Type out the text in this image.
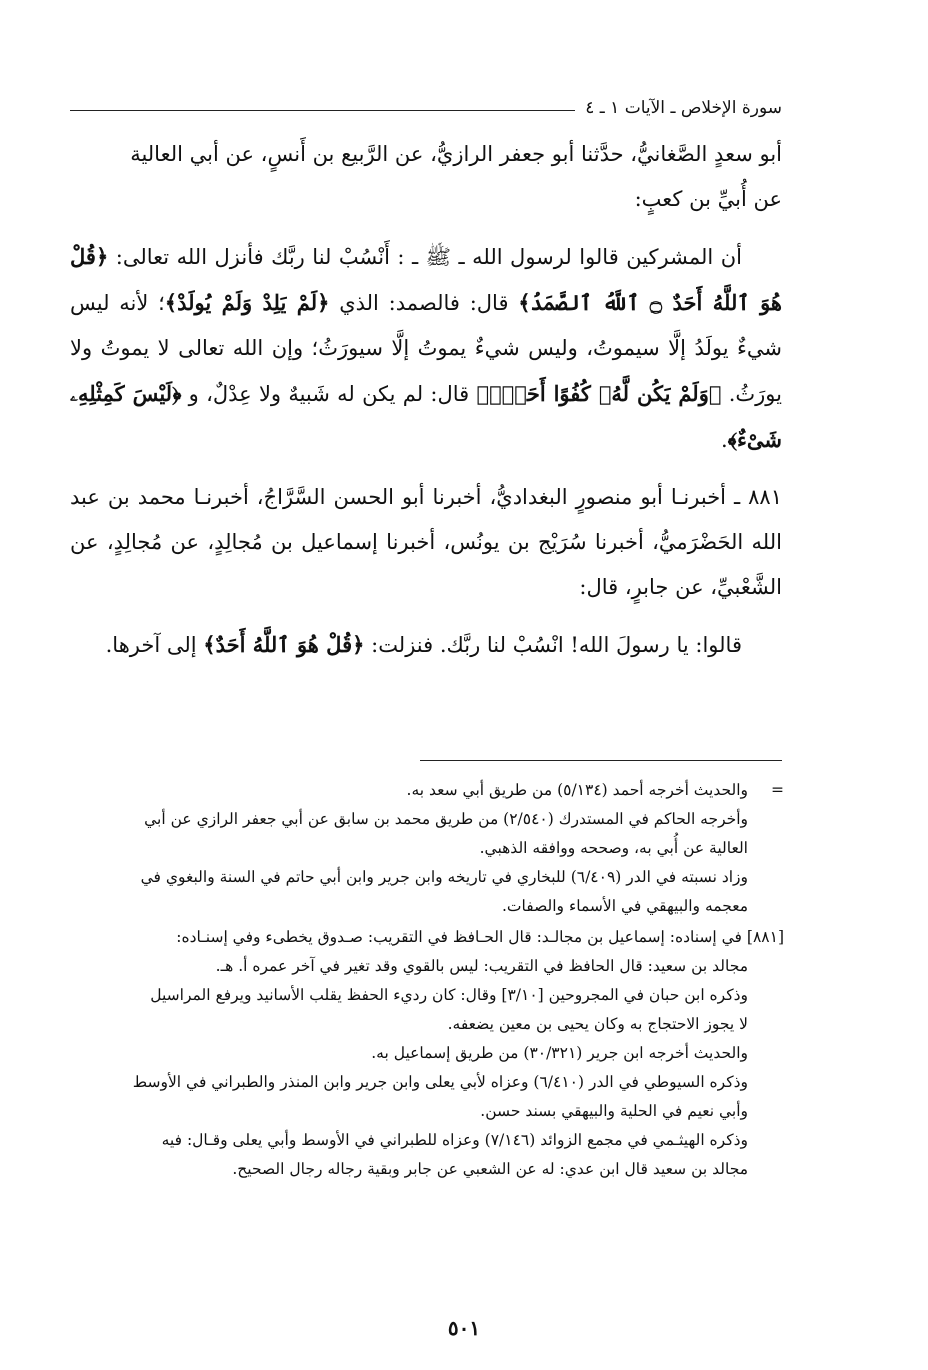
سورة الإخلاص ـ الآيات ١ ـ ٤

أبو سعدٍ الصَّغانيُّ، حدَّثنا أبو جعفر الرازيُّ، عن الرَّبيع بن أَنسٍ، عن أبي العالية
عن أُبيِّ بن كعبٍ:

أن المشركين قالوا لرسول الله ـ ﷺ ـ : أَنْسُبْ لنا ربَّك فأنزل الله تعالى: ﴿قُلْ هُوَ ٱللَّهُ أَحَدٌ ۝ ٱللَّهُ ٱلصَّمَدُ﴾ قال: فالصمد: الذي ﴿لَمْ يَلِدْ وَلَمْ يُولَدْ﴾؛ لأنه ليس شيءٌ يولَدُ إلَّا سيموتُ، وليس شيءٌ يموتُ إلَّا سيورَثُ؛ وإن الله تعالى لا يموتُ ولا يورَثُ. ﴿وَلَمْ يَكُن لَّهُۥ كُفُوًا أَحَدٌۢ﴾ قال: لم يكن له شَبيهٌ ولا عِدْلٌ، و ﴿لَيْسَ كَمِثْلِهِۦ شَىْءٌ﴾.

٨٨١ ـ أخبرنـا أبو منصورٍ البغداديُّ، أخبرنا أبو الحسن السَّرَّاجُ، أخبرنـا محمد بن عبد الله الحَضْرَميُّ، أخبرنا سُرَيْج بن يونُس، أخبرنا إسماعيل بن مُجالِدٍ، عن مُجالِدٍ، عن الشَّعْبيِّ، عن جابرٍ، قال:

قالوا: يا رسولَ الله! انْسُبْ لنا ربَّك. فنزلت: ﴿قُلْ هُوَ ٱللَّهُ أَحَدٌ﴾ إلى آخرها.

=والحديث أخرجه أحمد (٥/١٣٤) من طريق أبي سعد به.
وأخرجه الحاكم في المستدرك (٢/٥٤٠) من طريق محمد بن سابق عن أبي جعفر الرازي عن أبي
العالية عن أُبي به، وصححه ووافقه الذهبي.
وزاد نسبته في الدر (٦/٤٠٩) للبخاري في تاريخه وابن جرير وابن أبي حاتم في السنة والبغوي في
معجمه والبيهقي في الأسماء والصفات.
[٨٨١] في إسناده: إسماعيل بن مجالـد: قال الحـافظ في التقريب: صـدوق يخطىء وفي إسنـاده:
مجالد بن سعيد: قال الحافظ في التقريب: ليس بالقوي وقد تغير في آخر عمره أ. هـ.
وذكره ابن حبان في المجروحين [٣/١٠] وقال: كان رديء الحفظ يقلب الأسانيد ويرفع المراسيل
لا يجوز الاحتجاج به وكان يحيى بن معين يضعفه.
والحديث أخرجه ابن جرير (٣٠/٣٢١) من طريق إسماعيل به.
وذكره السيوطي في الدر (٦/٤١٠) وعزاه لأبي يعلى وابن جرير وابن المنذر والطبراني في الأوسط
وأبي نعيم في الحلية والبيهقي بسند حسن.
وذكره الهيثـمي في مجمع الزوائد (٧/١٤٦) وعزاه للطبراني في الأوسط وأبي يعلى وقـال: فيه
مجالد بن سعيد قال ابن عدي: له عن الشعبي عن جابر وبقية رجاله رجال الصحيح.
٥٠١
